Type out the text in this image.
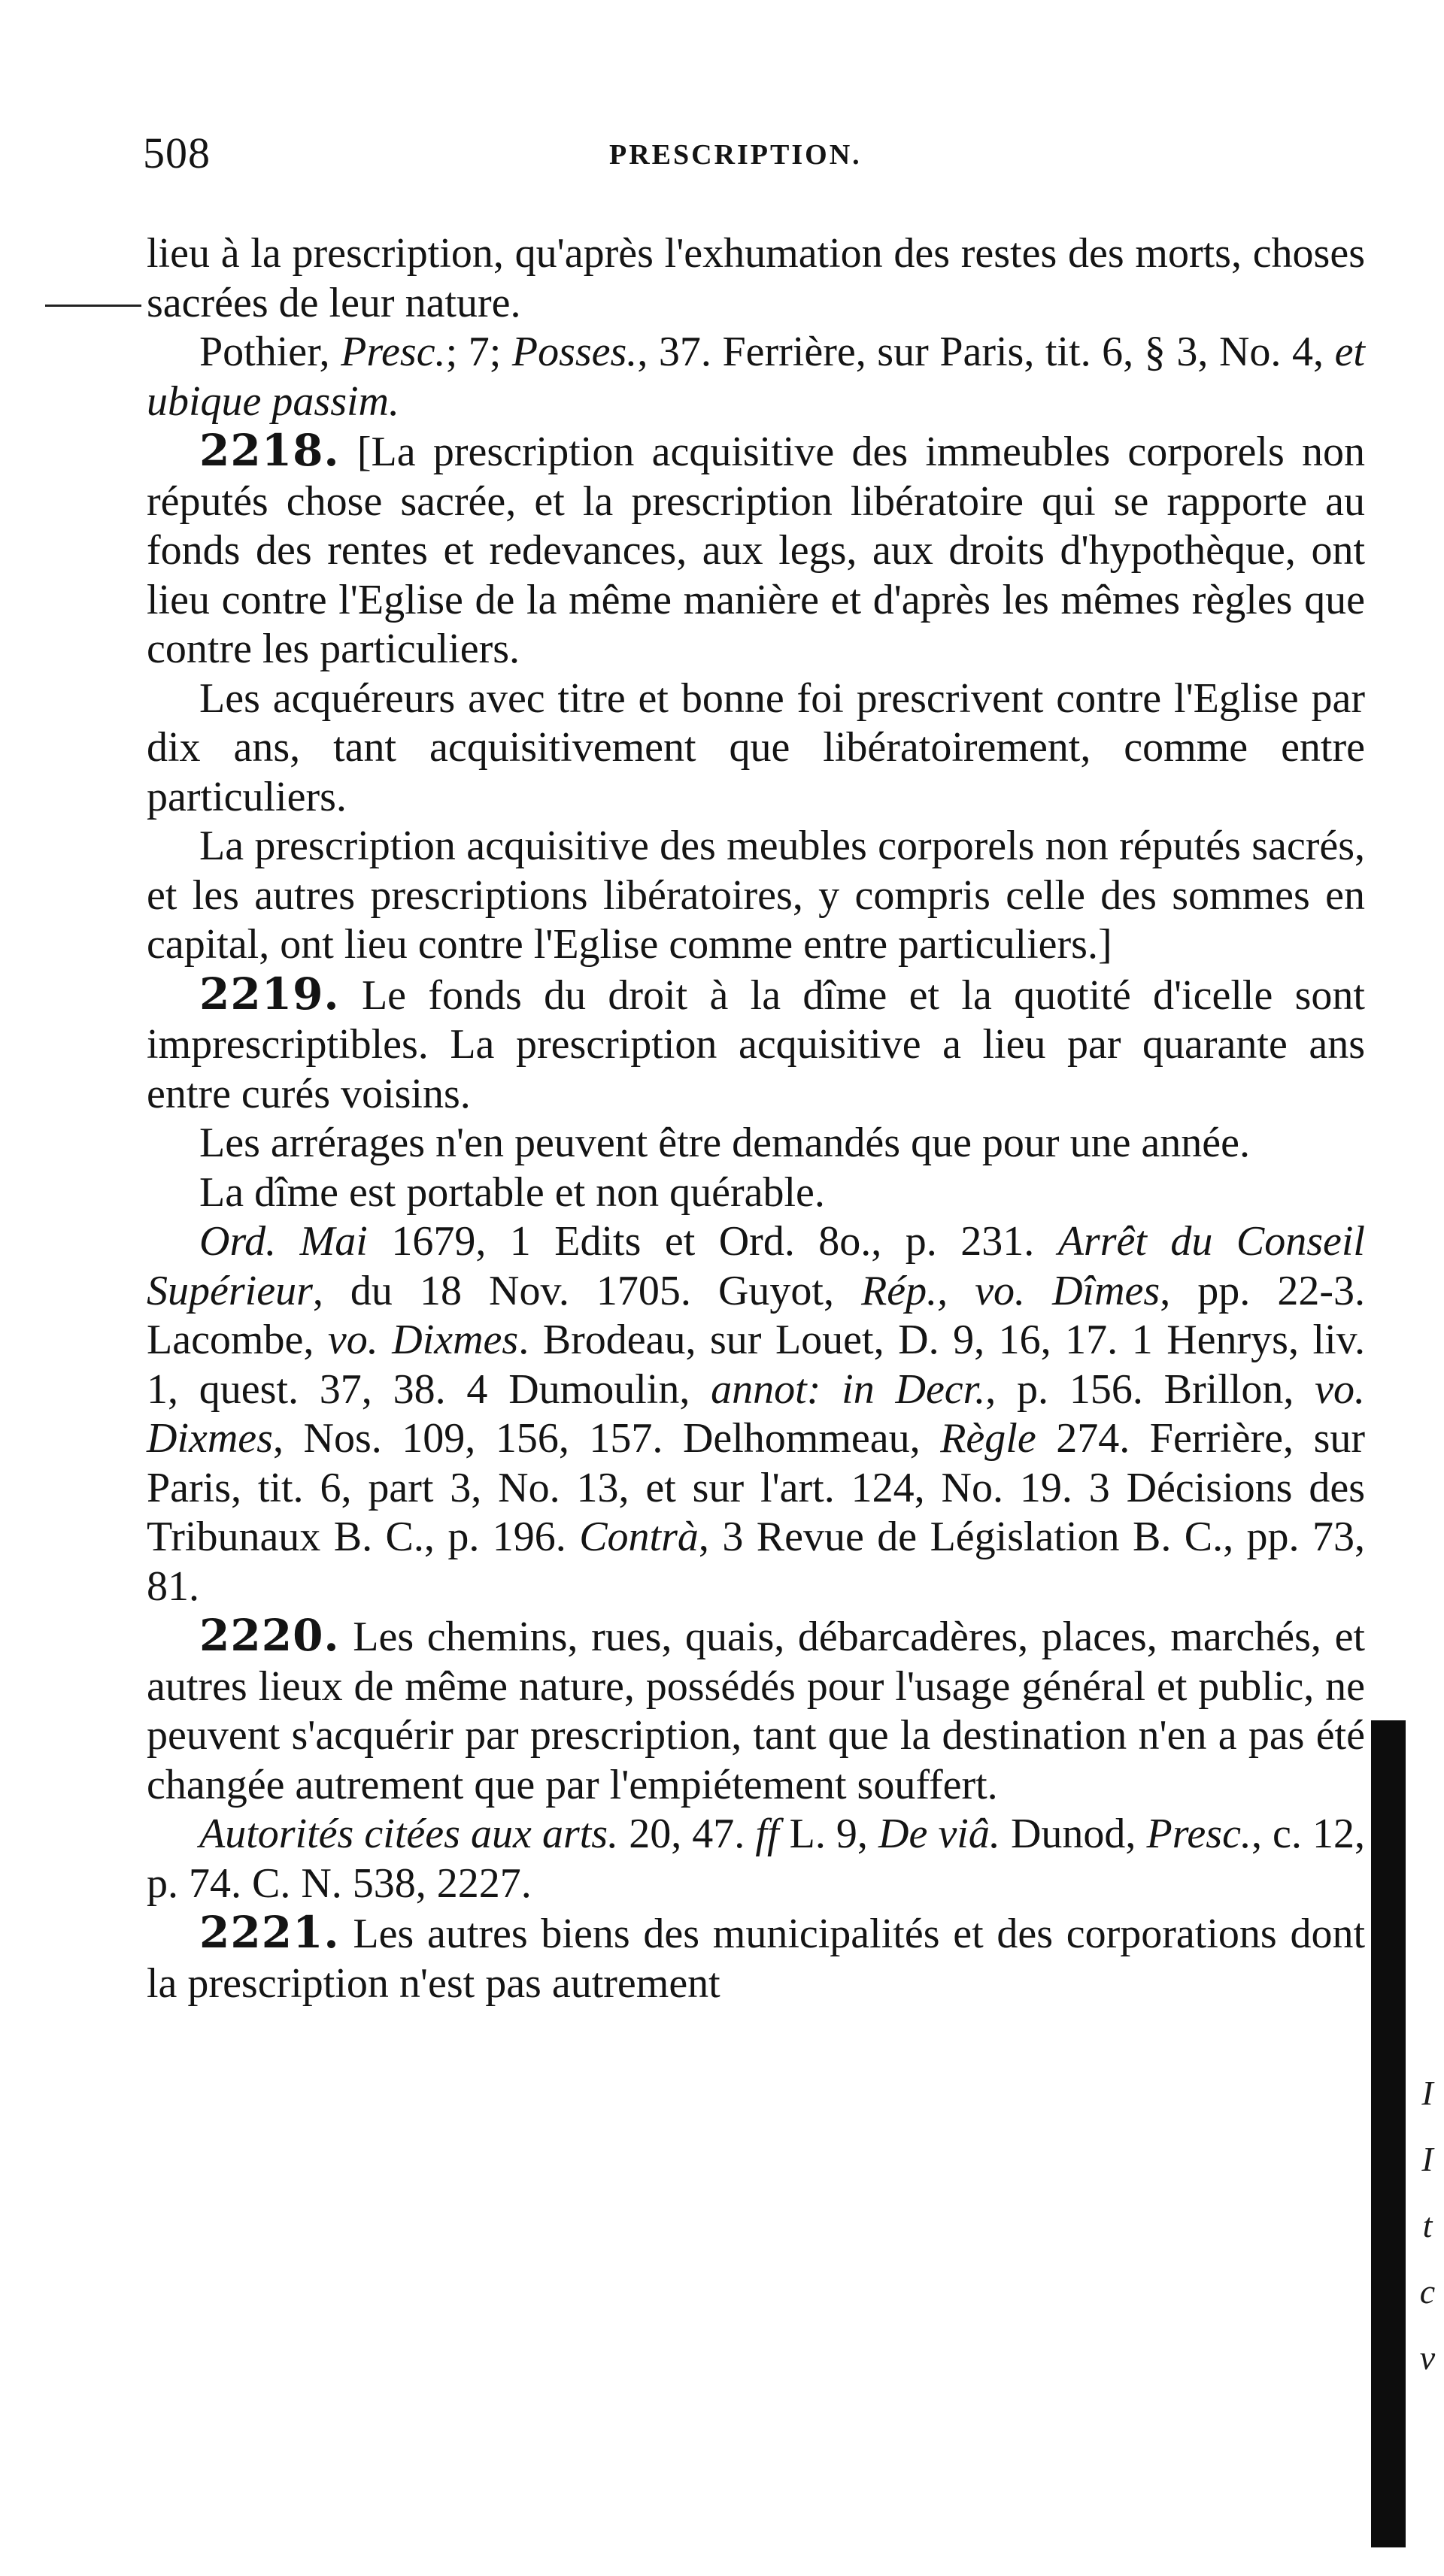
508	PRESCRIPTION.

lieu à la prescription, qu'après l'exhumation des restes des morts, choses sacrées de leur nature.

Pothier, Presc.; 7; Posses., 37. Ferrière, sur Paris, tit. 6, § 3, No. 4, et ubique passim.

2218. [La prescription acquisitive des immeubles corporels non réputés chose sacrée, et la prescription libératoire qui se rapporte au fonds des rentes et redevances, aux legs, aux droits d'hypothèque, ont lieu contre l'Eglise de la même manière et d'après les mêmes règles que contre les particuliers.

Les acquéreurs avec titre et bonne foi prescrivent contre l'Eglise par dix ans, tant acquisitivement que libératoirement, comme entre particuliers.

La prescription acquisitive des meubles corporels non réputés sacrés, et les autres prescriptions libératoires, y compris celle des sommes en capital, ont lieu contre l'Eglise comme entre particuliers.]

2219. Le fonds du droit à la dîme et la quotité d'icelle sont imprescriptibles. La prescription acquisitive a lieu par quarante ans entre curés voisins.

Les arrérages n'en peuvent être demandés que pour une année.

La dîme est portable et non quérable.

Ord. Mai 1679, 1 Edits et Ord. 8o., p. 231. Arrêt du Conseil Supérieur, du 18 Nov. 1705. Guyot, Rép., vo. Dîmes, pp. 22-3. Lacombe, vo. Dixmes. Brodeau, sur Louet, D. 9, 16, 17. 1 Henrys, liv. 1, quest. 37, 38. 4 Dumoulin, annot: in Decr., p. 156. Brillon, vo. Dixmes, Nos. 109, 156, 157. Delhommeau, Règle 274. Ferrière, sur Paris, tit. 6, part 3, No. 13, et sur l'art. 124, No. 19. 3 Décisions des Tribunaux B. C., p. 196. Contrà, 3 Revue de Législation B. C., pp. 73, 81.

2220. Les chemins, rues, quais, débarcadères, places, marchés, et autres lieux de même nature, possédés pour l'usage général et public, ne peuvent s'acquérir par prescription, tant que la destination n'en a pas été changée autrement que par l'empiétement souffert.

Autorités citées aux arts. 20, 47. ff L. 9, De viâ. Dunod, Presc., c. 12, p. 74. C. N. 538, 2227.

2221. Les autres biens des municipalités et des corporations dont la prescription n'est pas autrement

I
I
t
c
v
